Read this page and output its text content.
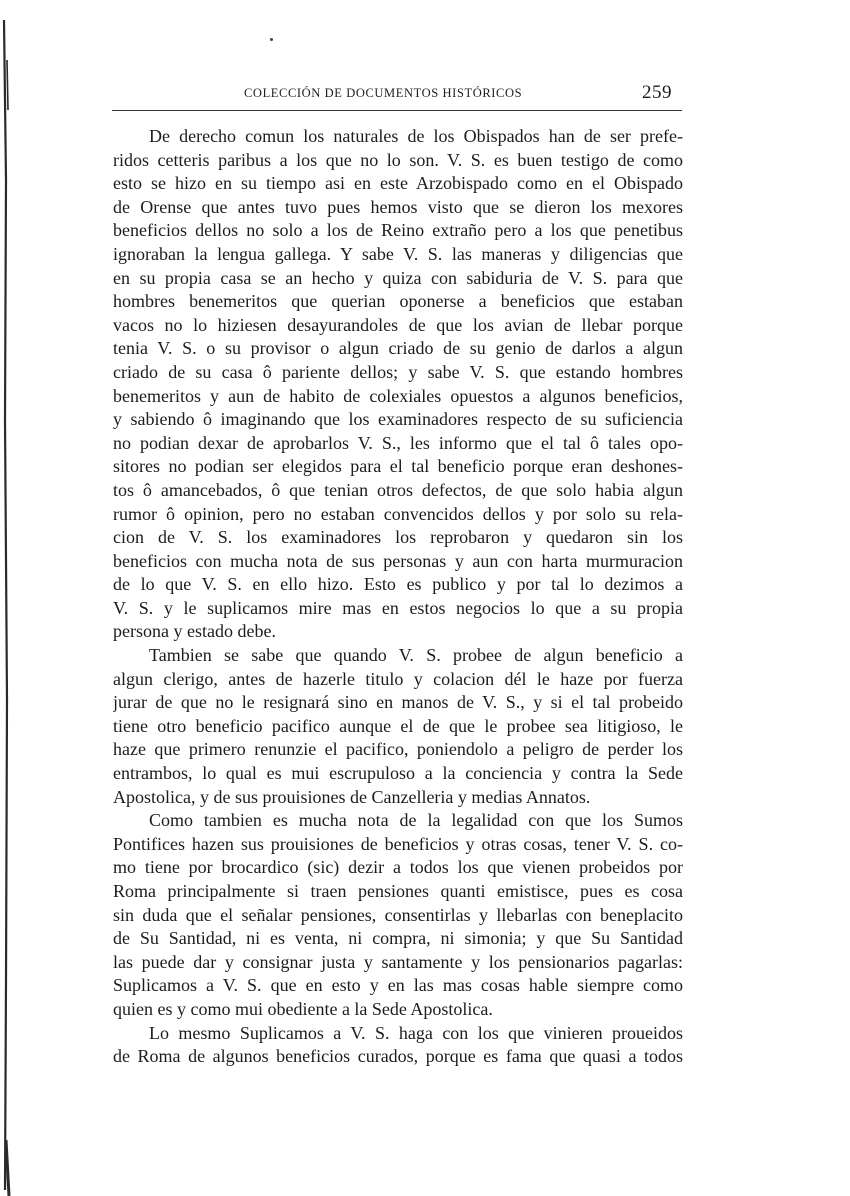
COLECCIÓN DE DOCUMENTOS HISTÓRICOS	259
De derecho comun los naturales de los Obispados han de ser prefe-
ridos cetteris paribus a los que no lo son. V. S. es buen testigo de como
esto se hizo en su tiempo asi en este Arzobispado como en el Obispado
de Orense que antes tuvo pues hemos visto que se dieron los mexores
beneficios dellos no solo a los de Reino extraño pero a los que penetibus
ignoraban la lengua gallega. Y sabe V. S. las maneras y diligencias que
en su propia casa se an hecho y quiza con sabiduria de V. S. para que
hombres benemeritos que querian oponerse a beneficios que estaban
vacos no lo hiziesen desayurandoles de que los avian de llebar porque
tenia V. S. o su provisor o algun criado de su genio de darlos a algun
criado de su casa ô pariente dellos; y sabe V. S. que estando hombres
benemeritos y aun de habito de colexiales opuestos a algunos beneficios,
y sabiendo ô imaginando que los examinadores respecto de su suficiencia
no podian dexar de aprobarlos V. S., les informo que el tal ô tales opo-
sitores no podian ser elegidos para el tal beneficio porque eran deshones-
tos ô amancebados, ô que tenian otros defectos, de que solo habia algun
rumor ô opinion, pero no estaban convencidos dellos y por solo su rela-
cion de V. S. los examinadores los reprobaron y quedaron sin los
beneficios con mucha nota de sus personas y aun con harta murmuracion
de lo que V. S. en ello hizo. Esto es publico y por tal lo dezimos a
V. S. y le suplicamos mire mas en estos negocios lo que a su propia
persona y estado debe.
Tambien se sabe que quando V. S. probee de algun beneficio a
algun clerigo, antes de hazerle titulo y colacion dél le haze por fuerza
jurar de que no le resignará sino en manos de V. S., y si el tal probeido
tiene otro beneficio pacifico aunque el de que le probee sea litigioso, le
haze que primero renunzie el pacifico, poniendolo a peligro de perder los
entrambos, lo qual es mui escrupuloso a la conciencia y contra la Sede
Apostolica, y de sus prouisiones de Canzelleria y medias Annatos.
Como tambien es mucha nota de la legalidad con que los Sumos
Pontifices hazen sus prouisiones de beneficios y otras cosas, tener V. S. co-
mo tiene por brocardico (sic) dezir a todos los que vienen probeidos por
Roma principalmente si traen pensiones quanti emistisce, pues es cosa
sin duda que el señalar pensiones, consentirlas y llebarlas con beneplacito
de Su Santidad, ni es venta, ni compra, ni simonia; y que Su Santidad
las puede dar y consignar justa y santamente y los pensionarios pagarlas:
Suplicamos a V. S. que en esto y en las mas cosas hable siempre como
quien es y como mui obediente a la Sede Apostolica.
Lo mesmo Suplicamos a V. S. haga con los que vinieren proueidos
de Roma de algunos beneficios curados, porque es fama que quasi a todos
